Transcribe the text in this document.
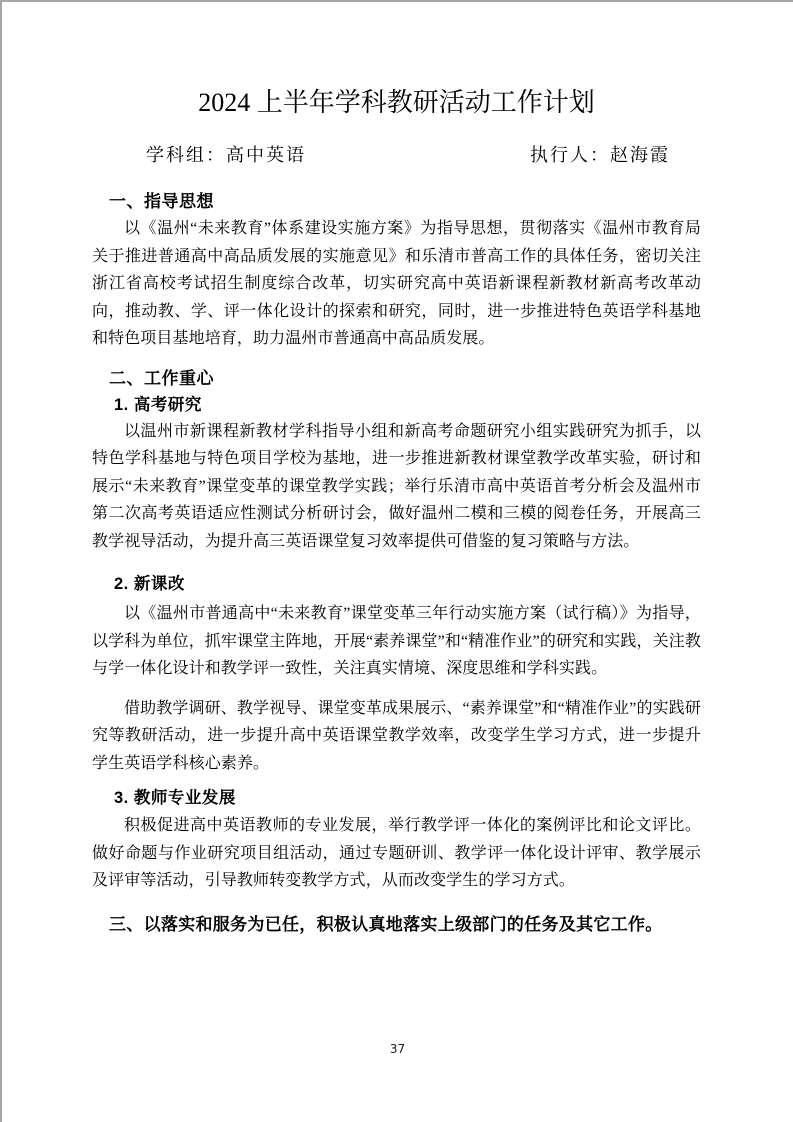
2024 上半年学科教研活动工作计划
学科组：高中英语	执行人：赵海霞
一、指导思想

以《温州“未来教育”体系建设实施方案》为指导思想，贯彻落实《温州市教育局关于推进普通高中高品质发展的实施意见》和乐清市普高工作的具体任务，密切关注浙江省高校考试招生制度综合改革，切实研究高中英语新课程新教材新高考改革动向，推动教、学、评一体化设计的探索和研究，同时，进一步推进特色英语学科基地和特色项目基地培育，助力温州市普通高中高品质发展。

二、工作重心
1. 高考研究

以温州市新课程新教材学科指导小组和新高考命题研究小组实践研究为抓手，以特色学科基地与特色项目学校为基地，进一步推进新教材课堂教学改革实验，研讨和展示“未来教育”课堂变革的课堂教学实践；举行乐清市高中英语首考分析会及温州市第二次高考英语适应性测试分析研讨会，做好温州二模和三模的阅卷任务，开展高三教学视导活动，为提升高三英语课堂复习效率提供可借鉴的复习策略与方法。

2. 新课改

以《温州市普通高中“未来教育”课堂变革三年行动实施方案（试行稿）》为指导，以学科为单位，抓牢课堂主阵地，开展“素养课堂”和“精准作业”的研究和实践，关注教与学一体化设计和教学评一致性，关注真实情境、深度思维和学科实践。

借助教学调研、教学视导、课堂变革成果展示、“素养课堂”和“精准作业”的实践研究等教研活动，进一步提升高中英语课堂教学效率，改变学生学习方式，进一步提升学生英语学科核心素养。

3. 教师专业发展

积极促进高中英语教师的专业发展，举行教学评一体化的案例评比和论文评比。做好命题与作业研究项目组活动，通过专题研训、教学评一体化设计评审、教学展示及评审等活动，引导教师转变教学方式，从而改变学生的学习方式。

三、以落实和服务为已任，积极认真地落实上级部门的任务及其它工作。
37
